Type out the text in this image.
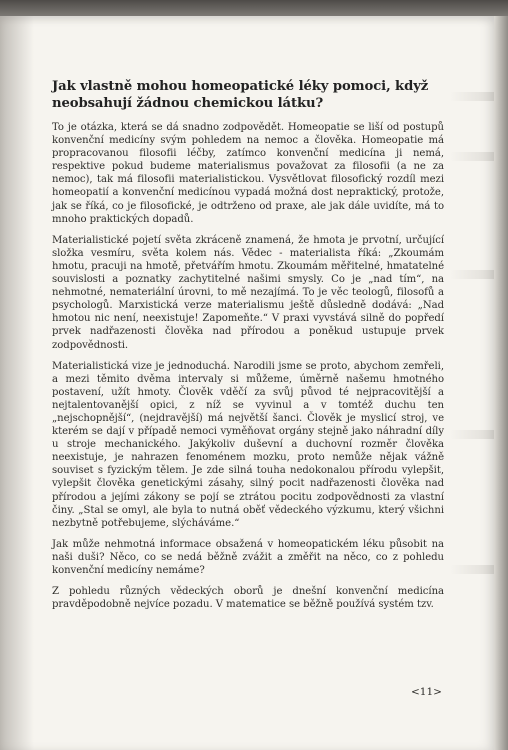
Jak vlastně mohou homeopatické léky pomoci, když neobsahují žádnou chemickou látku?

To je otázka, která se dá snadno zodpovědět. Homeopatie se liší od postupů konvenční medicíny svým pohledem na nemoc a člověka. Homeopatie má propracovanou filosofii léčby, zatímco konvenční medicína ji nemá, respektive pokud budeme materialismus považovat za filosofii (a ne za nemoc), tak má filosofii materialistickou. Vysvětlovat filosofický rozdíl mezi homeopatií a konvenční medicínou vypadá možná dost nepraktický, protože, jak se říká, co je filosofické, je odtrženo od praxe, ale jak dále uvidíte, má to mnoho praktických dopadů.

Materialistické pojetí světa zkráceně znamená, že hmota je prvotní, určující složka vesmíru, světa kolem nás. Vědec - materialista říká: „Zkoumám hmotu, pracuji na hmotě, přetvářím hmotu. Zkoumám měřitelné, hmatatelné souvislosti a poznatky zachytitelné našimi smysly. Co je „nad tím“, na nehmotné, nemateriální úrovni, to mě nezajímá. To je věc teologů, filosofů a psychologů. Marxistická verze materialismu ještě důsledně dodává: „Nad hmotou nic není, neexistuje! Zapomeňte.“ V praxi vyvstává silně do popředí prvek nadřazenosti člověka nad přírodou a poněkud ustupuje prvek zodpovědnosti.

Materialistická vize je jednoduchá. Narodili jsme se proto, abychom zemřeli, a mezi těmito dvěma intervaly si můžeme, úměrně našemu hmotného postavení, užít hmoty. Člověk vděčí za svůj původ té nejpracovitější a nejtalentovanější opici, z níž se vyvinul a v tomtéž duchu ten „nejschopnější“, (nejdravější) má největší šanci. Člověk je myslicí stroj, ve kterém se dají v případě nemoci vyměňovat orgány stejně jako náhradní díly u stroje mechanického. Jakýkoliv duševní a duchovní rozměr člověka neexistuje, je nahrazen fenoménem mozku, proto nemůže nějak vážně souviset s fyzickým tělem. Je zde silná touha nedokonalou přírodu vylepšit, vylepšit člověka genetickými zásahy, silný pocit nadřazenosti člověka nad přírodou a jejími zákony se pojí se ztrátou pocitu zodpovědnosti za vlastní činy. „Stal se omyl, ale byla to nutná oběť vědeckého výzkumu, který všichni nezbytně potřebujeme, slýcháváme.“

Jak může nehmotná informace obsažená v homeopatickém léku působit na naši duši? Něco, co se nedá běžně zvážit a změřit na něco, co z pohledu konvenční medicíny nemáme?

Z pohledu různých vědeckých oborů je dnešní konvenční medicína pravděpodobně nejvíce pozadu. V matematice se běžně používá systém tzv.

<11>
